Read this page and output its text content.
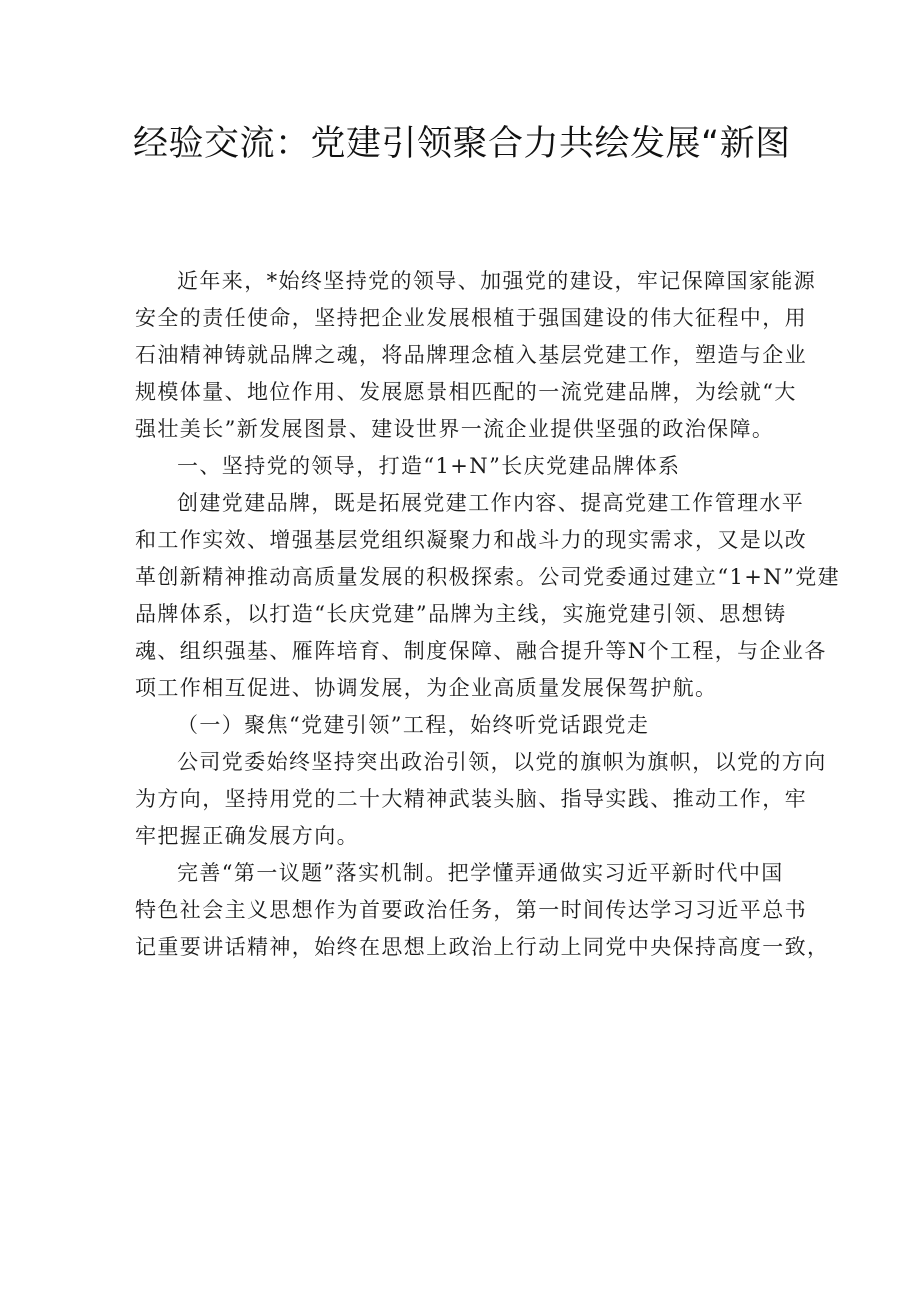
经验交流：党建引领聚合力共绘发展“新图
近年来，*始终坚持党的领导、加强党的建设，牢记保障国家能源
安全的责任使命，坚持把企业发展根植于强国建设的伟大征程中，用
石油精神铸就品牌之魂，将品牌理念植入基层党建工作，塑造与企业
规模体量、地位作用、发展愿景相匹配的一流党建品牌，为绘就“大
强壮美长”新发展图景、建设世界一流企业提供坚强的政治保障。
一、坚持党的领导，打造“1+N”长庆党建品牌体系
创建党建品牌，既是拓展党建工作内容、提高党建工作管理水平
和工作实效、增强基层党组织凝聚力和战斗力的现实需求，又是以改
革创新精神推动高质量发展的积极探索。公司党委通过建立“1+N”党建
品牌体系，以打造“长庆党建”品牌为主线，实施党建引领、思想铸
魂、组织强基、雁阵培育、制度保障、融合提升等N个工程，与企业各
项工作相互促进、协调发展，为企业高质量发展保驾护航。
（一）聚焦“党建引领”工程，始终听党话跟党走
公司党委始终坚持突出政治引领，以党的旗帜为旗帜，以党的方向
为方向，坚持用党的二十大精神武装头脑、指导实践、推动工作，牢
牢把握正确发展方向。
完善“第一议题”落实机制。把学懂弄通做实习近平新时代中国
特色社会主义思想作为首要政治任务，第一时间传达学习习近平总书
记重要讲话精神，始终在思想上政治上行动上同党中央保持高度一致，
